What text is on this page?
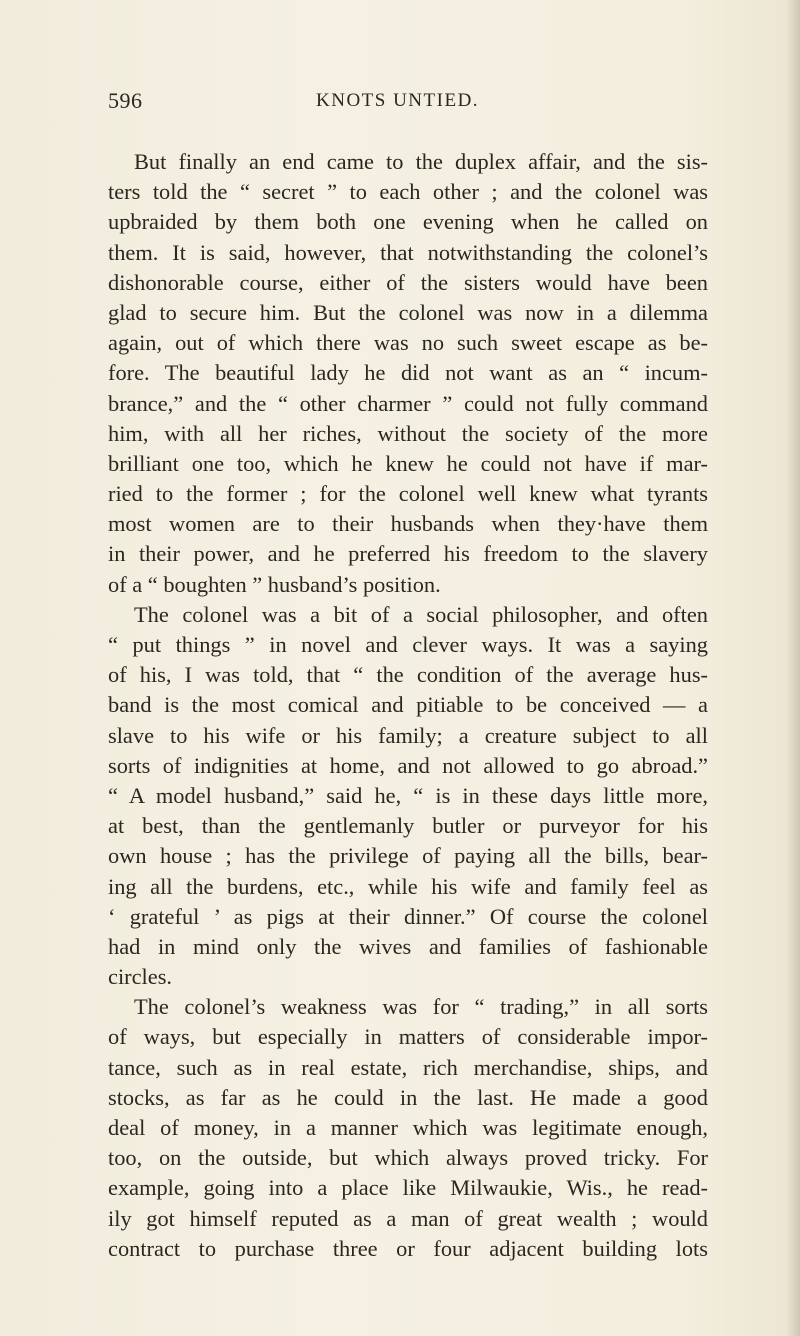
596	KNOTS UNTIED.
But finally an end came to the duplex affair, and the sis-
ters told the “ secret ” to each other ; and the colonel was
upbraided by them both one evening when he called on
them. It is said, however, that notwithstanding the colonel’s
dishonorable course, either of the sisters would have been
glad to secure him. But the colonel was now in a dilemma
again, out of which there was no such sweet escape as be-
fore. The beautiful lady he did not want as an “ incum-
brance,” and the “ other charmer ” could not fully command
him, with all her riches, without the society of the more
brilliant one too, which he knew he could not have if mar-
ried to the former ; for the colonel well knew what tyrants
most women are to their husbands when they·have them
in their power, and he preferred his freedom to the slavery
of a “ boughten ” husband’s position.
The colonel was a bit of a social philosopher, and often
“ put things ” in novel and clever ways. It was a saying
of his, I was told, that “ the condition of the average hus-
band is the most comical and pitiable to be conceived — a
slave to his wife or his family; a creature subject to all
sorts of indignities at home, and not allowed to go abroad.”
“ A model husband,” said he, “ is in these days little more,
at best, than the gentlemanly butler or purveyor for his
own house ; has the privilege of paying all the bills, bear-
ing all the burdens, etc., while his wife and family feel as
‘ grateful ’ as pigs at their dinner.” Of course the colonel
had in mind only the wives and families of fashionable
circles.
The colonel’s weakness was for “ trading,” in all sorts
of ways, but especially in matters of considerable impor-
tance, such as in real estate, rich merchandise, ships, and
stocks, as far as he could in the last. He made a good
deal of money, in a manner which was legitimate enough,
too, on the outside, but which always proved tricky. For
example, going into a place like Milwaukie, Wis., he read-
ily got himself reputed as a man of great wealth ; would
contract to purchase three or four adjacent building lots
